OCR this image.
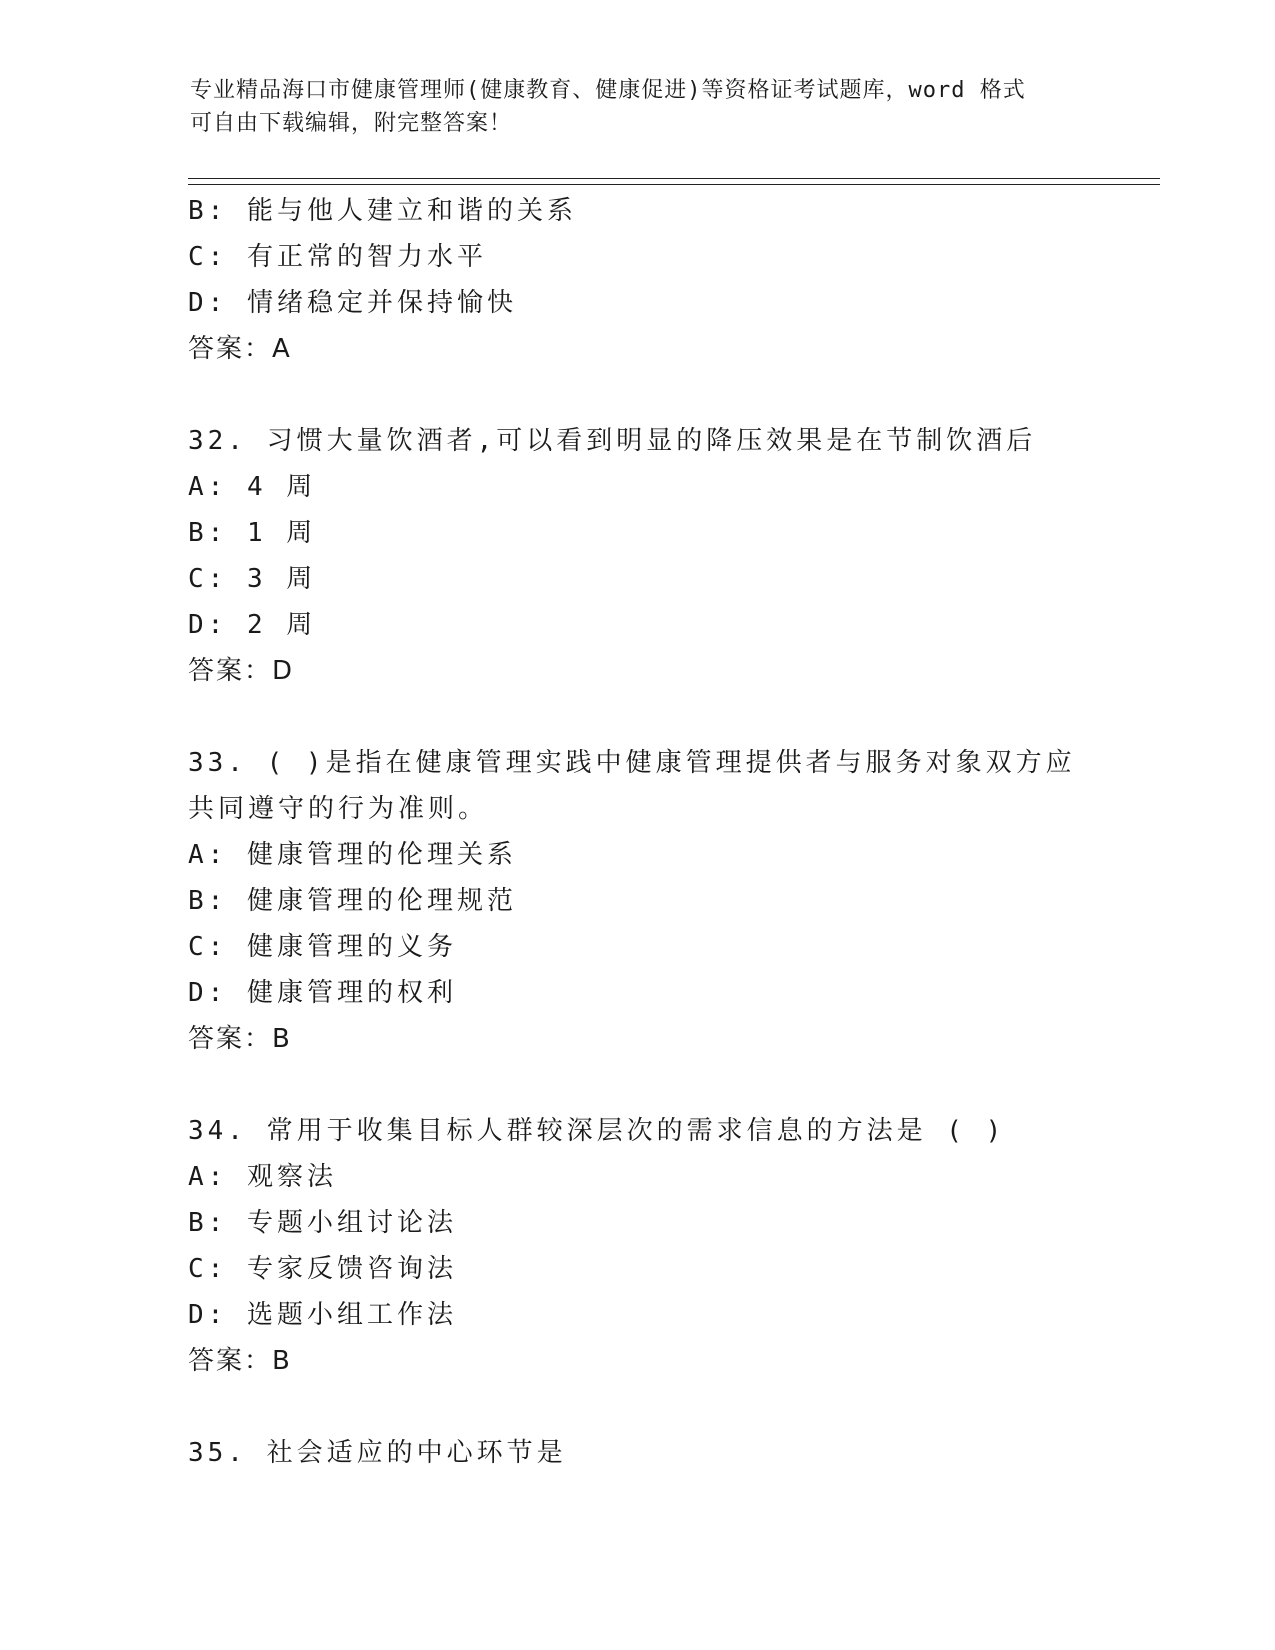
专业精品海口市健康管理师(健康教育、健康促进)等资格证考试题库，word 格式
可自由下载编辑，附完整答案！
B: 能与他人建立和谐的关系
C: 有正常的智力水平
D: 情绪稳定并保持愉快
答案：A
32. 习惯大量饮酒者,可以看到明显的降压效果是在节制饮酒后
A: 4 周
B: 1 周
C: 3 周
D: 2 周
答案：D
33. ( )是指在健康管理实践中健康管理提供者与服务对象双方应
共同遵守的行为准则。
A: 健康管理的伦理关系
B: 健康管理的伦理规范
C: 健康管理的义务
D: 健康管理的权利
答案：B
34. 常用于收集目标人群较深层次的需求信息的方法是 ( )
A: 观察法
B: 专题小组讨论法
C: 专家反馈咨询法
D: 选题小组工作法
答案：B
35. 社会适应的中心环节是
